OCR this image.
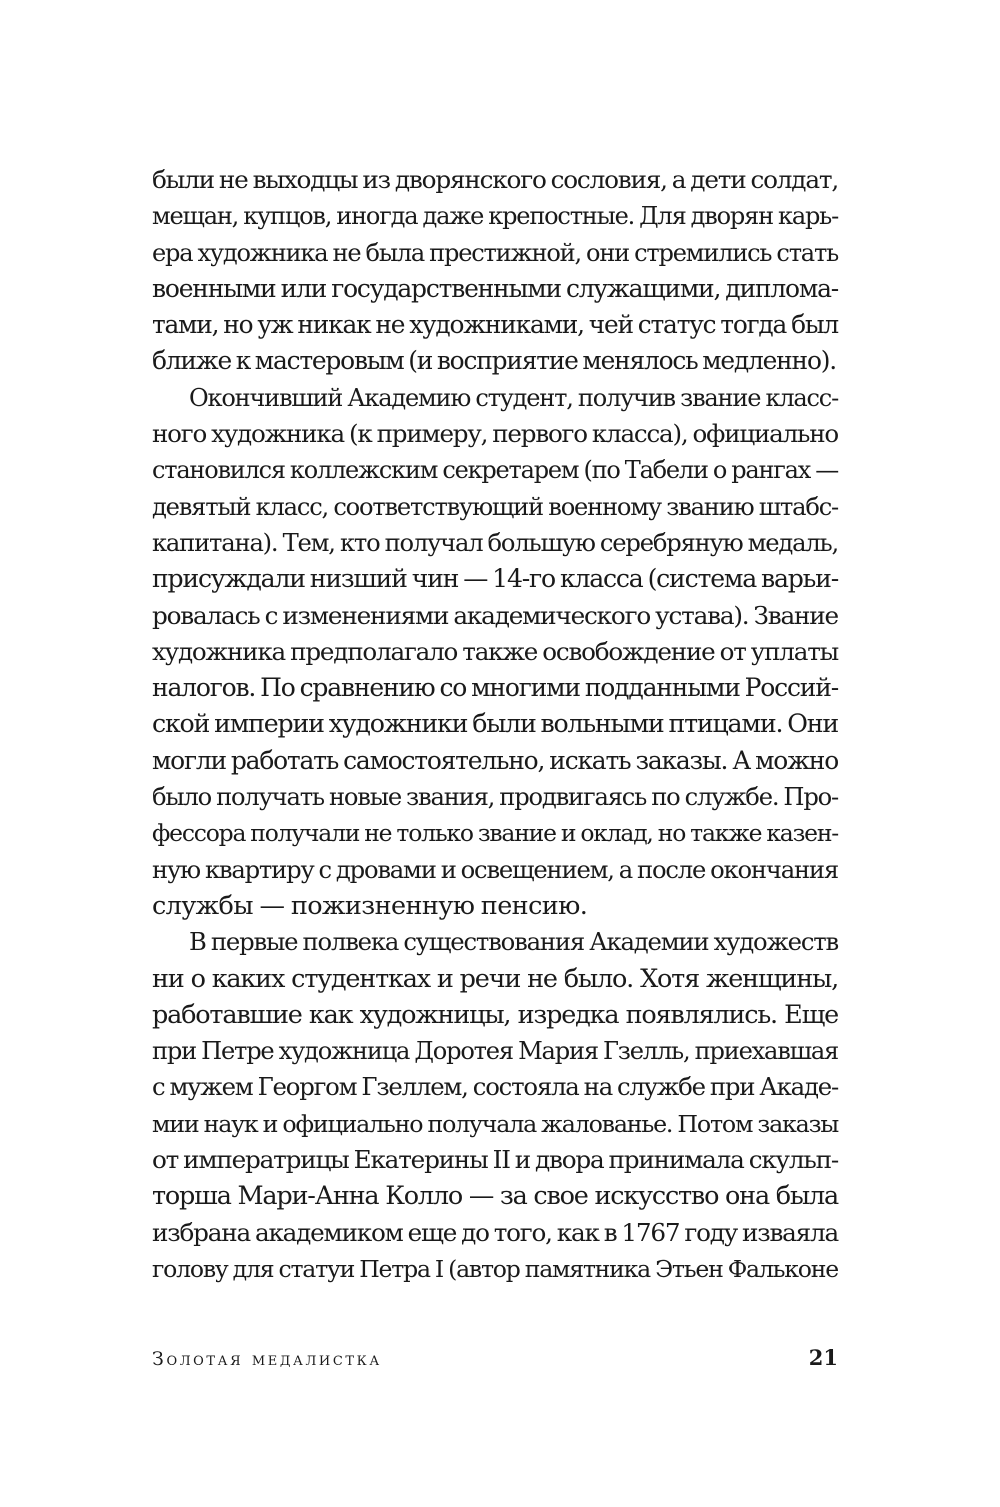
были не выходцы из дворянского сословия, а дети солдат,
мещан, купцов, иногда даже крепостные. Для дворян карь-
ера художника не была престижной, они стремились стать
военными или государственными служащими, диплома-
тами, но уж никак не художниками, чей статус тогда был
ближе к мастеровым (и восприятие менялось медленно).
Окончивший Академию студент, получив звание класс-
ного художника (к примеру, первого класса), официально
становился коллежским секретарем (по Табели о рангах —
девятый класс, соответствующий военному званию штабс-
капитана). Тем, кто получал большую серебряную медаль,
присуждали низший чин — 14-го класса (система варьи-
ровалась с изменениями академического устава). Звание
художника предполагало также освобождение от уплаты
налогов. По сравнению со многими подданными Россий-
ской империи художники были вольными птицами. Они
могли работать самостоятельно, искать заказы. А можно
было получать новые звания, продвигаясь по службе. Про-
фессора получали не только звание и оклад, но также казен-
ную квартиру с дровами и освещением, а после окончания
службы — пожизненную пенсию.
В первые полвека существования Академии художеств
ни о каких студентках и речи не было. Хотя женщины,
работавшие как художницы, изредка появлялись. Еще
при Петре художница Доротея Мария Гзелль, приехавшая
с мужем Георгом Гзеллем, состояла на службе при Акаде-
мии наук и официально получала жалованье. Потом заказы
от императрицы Екатерины II и двора принимала скульп-
торша Мари-Анна Колло — за свое искусство она была
избрана академиком еще до того, как в 1767 году изваяла
голову для статуи Петра I (автор памятника Этьен Фальконе
Золотая медалистка	21
